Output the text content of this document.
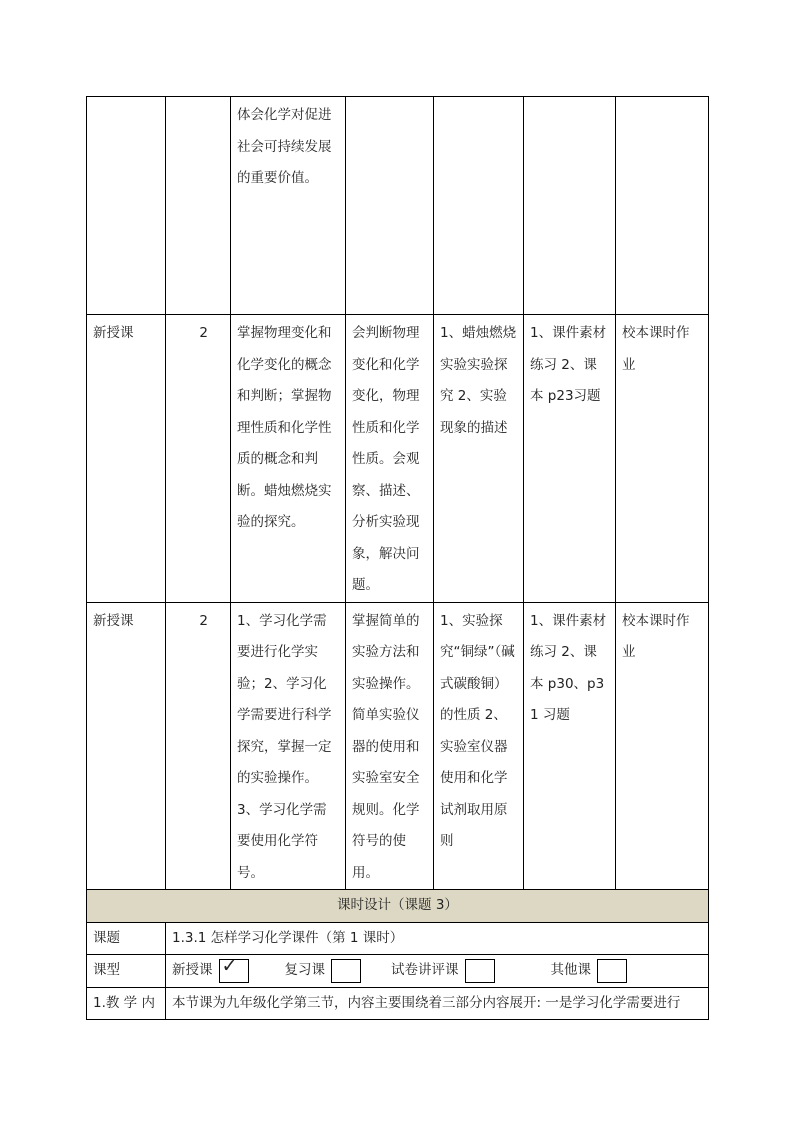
		体会化学对促进社会可持续发展的重要价值。				

新授课	2	掌握物理变化和化学变化的概念和判断；掌握物理性质和化学性质的概念和判断。蜡烛燃烧实验的探究。	会判断物理变化和化学变化，物理性质和化学性质。会观察、描述、分析实验现象，解决问题。	1、蜡烛燃烧实验实验探究 2、实验现象的描述	1、课件素材练习 2、课本 p23习题	校本课时作业

新授课	2	1、学习化学需要进行化学实验；2、学习化学需要进行科学探究，掌握一定的实验操作。3、学习化学需要使用化学符号。	掌握简单的实验方法和实验操作。简单实验仪器的使用和实验室安全规则。化学符号的使用。	1、实验探究“铜绿”（碱式碳酸铜）的性质 2、实验室仪器使用和化学试剂取用原则	1、课件素材练习 2、课本 p30、p31 习题	校本课时作业

课时设计（课题 3）						
课题	1.3.1 怎样学习化学课件（第 1 课时）					

课型	新授课 ✓ 复习课 试卷讲评课 其他课					

1.教 学 内	本节课为九年级化学第三节，内容主要围绕着三部分内容展开: 一是学习化学需要进行					
